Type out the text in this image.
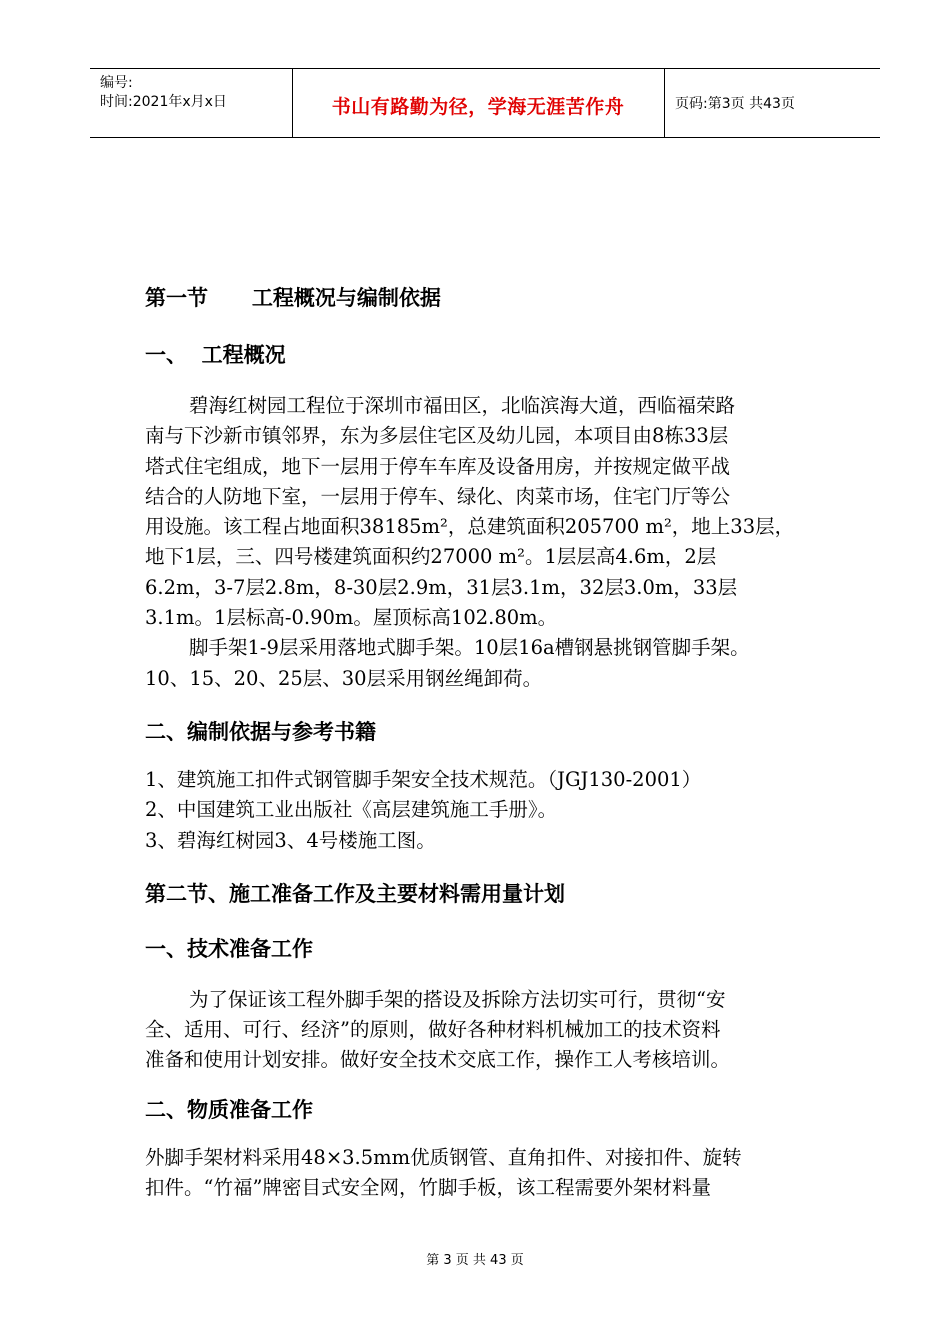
编号:
时间:2021年x月x日	书山有路勤为径，学海无涯苦作舟	页码:第3页 共43页
第一节      工程概况与编制依据
一、  工程概况
碧海红树园工程位于深圳市福田区，北临滨海大道，西临福荣路
南与下沙新市镇邻界，东为多层住宅区及幼儿园，本项目由8栋33层
塔式住宅组成，地下一层用于停车车库及设备用房，并按规定做平战
结合的人防地下室，一层用于停车、绿化、肉菜市场，住宅门厅等公
用设施。该工程占地面积38185m²，总建筑面积205700 m²，地上33层，
地下1层，三、四号楼建筑面积约27000 m²。1层层高4.6m，2层
6.2m，3-7层2.8m，8-30层2.9m，31层3.1m，32层3.0m，33层
3.1m。1层标高-0.90m。屋顶标高102.80m。
脚手架1-9层采用落地式脚手架。10层16a槽钢悬挑钢管脚手架。
10、15、20、25层、30层采用钢丝绳卸荷。
二、编制依据与参考书籍
1、建筑施工扣件式钢管脚手架安全技术规范。（JGJ130-2001）
2、中国建筑工业出版社《高层建筑施工手册》。
3、碧海红树园3、4号楼施工图。
第二节、施工准备工作及主要材料需用量计划
一、技术准备工作
为了保证该工程外脚手架的搭设及拆除方法切实可行，贯彻“安
全、适用、可行、经济”的原则，做好各种材料机械加工的技术资料
准备和使用计划安排。做好安全技术交底工作，操作工人考核培训。
二、物质准备工作
外脚手架材料采用48×3.5mm优质钢管、直角扣件、对接扣件、旋转
扣件。“竹福”牌密目式安全网，竹脚手板，该工程需要外架材料量
第 3 页 共 43 页
